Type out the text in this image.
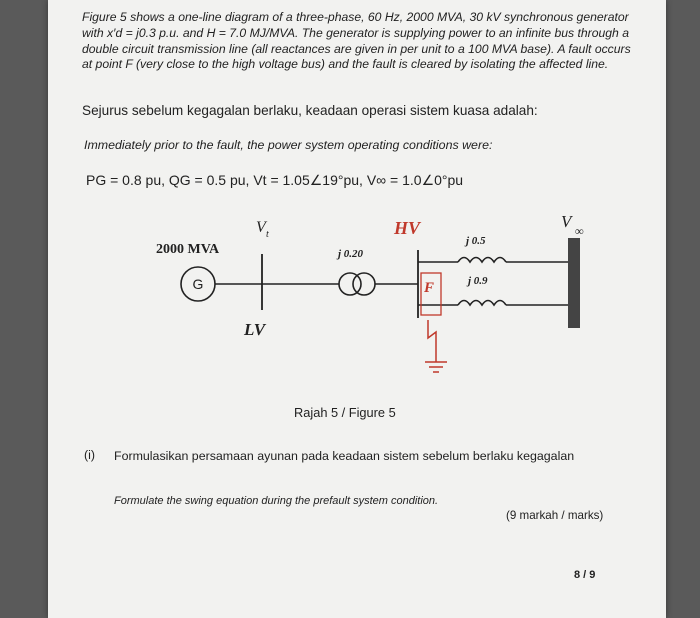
Figure 5 shows a one-line diagram of a three-phase, 60 Hz, 2000 MVA, 30 kV synchronous generator with x′d = j0.3 p.u. and H = 7.0 MJ/MVA. The generator is supplying power to an infinite bus through a double circuit transmission line (all reactances are given in per unit to a 100 MVA base). A fault occurs at point F (very close to the high voltage bus) and the fault is cleared by isolating the affected line.
Sejurus sebelum kegagalan berlaku, keadaan operasi sistem kuasa adalah:
Immediately prior to the fault, the power system operating conditions were:
PG = 0.8 pu, QG = 0.5 pu, Vt = 1.05∠19°pu, V∞ = 1.0∠0°pu
2000 MVA
G
V t
LV
j 0.20
HV
j 0.5
j 0.9
F
V ∞
Rajah 5 / Figure 5
(i) Formulasikan persamaan ayunan pada keadaan sistem sebelum berlaku kegagalan
Formulate the swing equation during the prefault system condition.
(9 markah / marks)
8 / 9
